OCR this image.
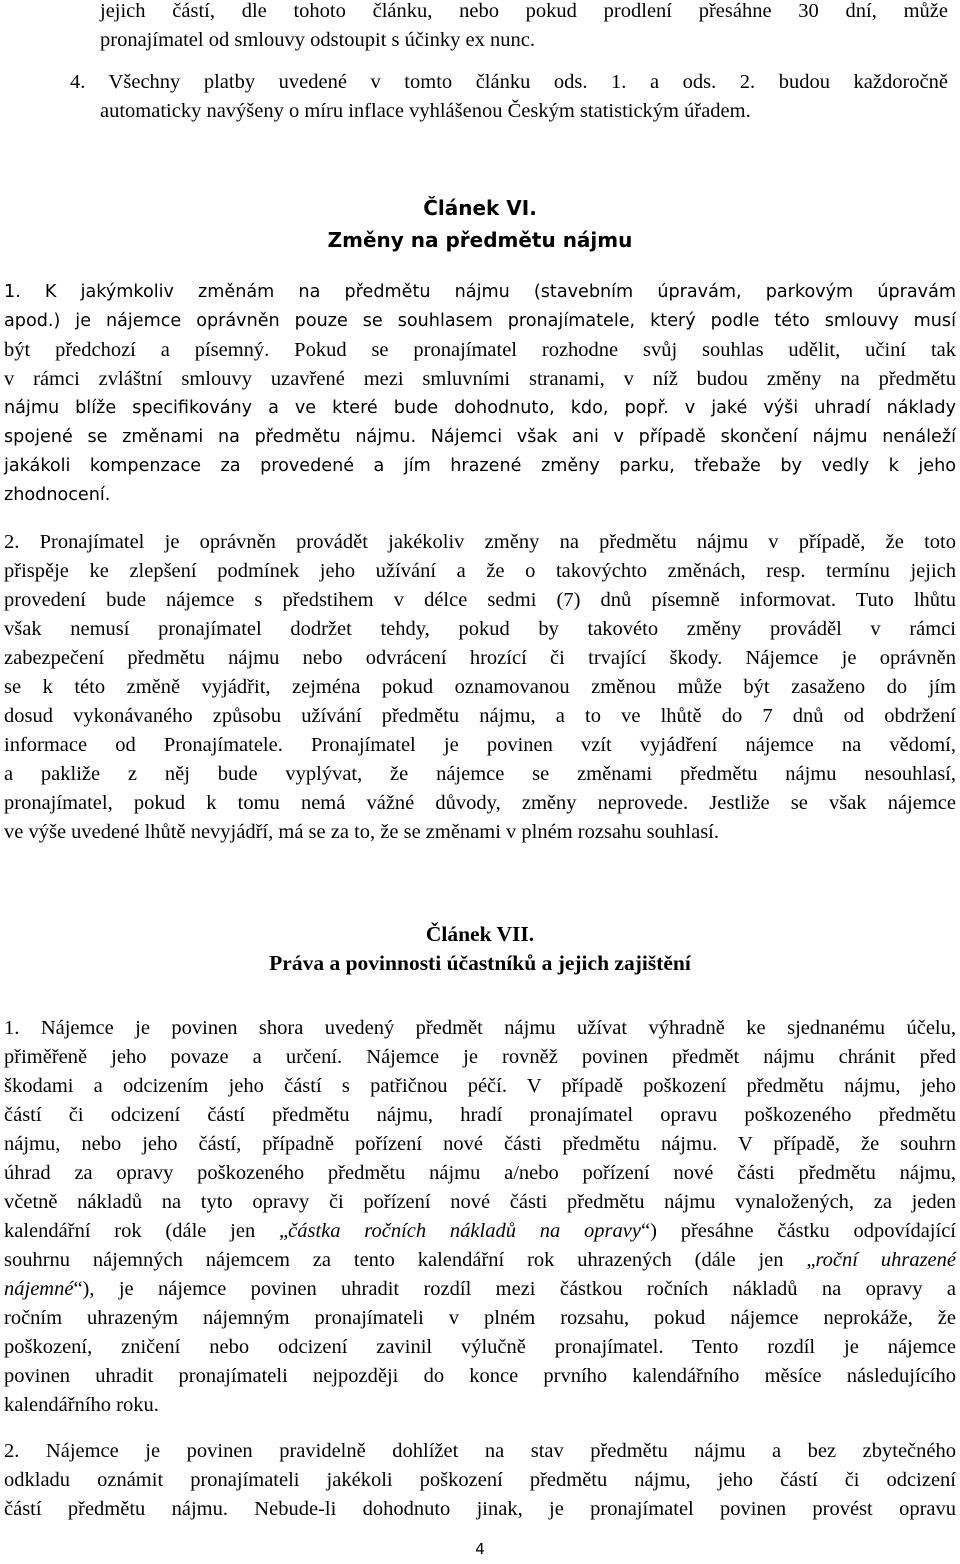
jejich částí, dle tohoto článku, nebo pokud prodlení přesáhne 30 dní, může
pronajímatel od smlouvy odstoupit s účinky ex nunc.
4. Všechny platby uvedené v tomto článku ods. 1. a ods. 2. budou každoročně
automaticky navýšeny o míru inflace vyhlášenou Českým statistickým úřadem.
Článek VI.
Změny na předmětu nájmu
1. K jakýmkoliv změnám na předmětu nájmu (stavebním úpravám, parkovým úpravám
apod.) je nájemce oprávněn pouze se souhlasem pronajímatele, který podle této smlouvy musí
být předchozí a písemný. Pokud se pronajímatel rozhodne svůj souhlas udělit, učiní tak
v rámci zvláštní smlouvy uzavřené mezi smluvními stranami, v níž budou změny na předmětu
nájmu blíže specifikovány a ve které bude dohodnuto, kdo, popř. v jaké výši uhradí náklady
spojené se změnami na předmětu nájmu. Nájemci však ani v případě skončení nájmu nenáleží
jakákoli kompenzace za provedené a jím hrazené změny parku, třebaže by vedly k jeho
zhodnocení.
2. Pronajímatel je oprávněn provádět jakékoliv změny na předmětu nájmu v případě, že toto
přispěje ke zlepšení podmínek jeho užívání a že o takovýchto změnách, resp. termínu jejich
provedení bude nájemce s předstihem v délce sedmi (7) dnů písemně informovat. Tuto lhůtu
však nemusí pronajímatel dodržet tehdy, pokud by takovéto změny prováděl v rámci
zabezpečení předmětu nájmu nebo odvrácení hrozící či trvající škody. Nájemce je oprávněn
se k této změně vyjádřit, zejména pokud oznamovanou změnou může být zasaženo do jím
dosud vykonávaného způsobu užívání předmětu nájmu, a to ve lhůtě do 7 dnů od obdržení
informace od Pronajímatele. Pronajímatel je povinen vzít vyjádření nájemce na vědomí,
a pakliže z něj bude vyplývat, že nájemce se změnami předmětu nájmu nesouhlasí,
pronajímatel, pokud k tomu nemá vážné důvody, změny neprovede. Jestliže se však nájemce
ve výše uvedené lhůtě nevyjádří, má se za to, že se změnami v plném rozsahu souhlasí.
Článek VII.
Práva a povinnosti účastníků a jejich zajištění
1. Nájemce je povinen shora uvedený předmět nájmu užívat výhradně ke sjednanému účelu,
přiměřeně jeho povaze a určení. Nájemce je rovněž povinen předmět nájmu chránit před
škodami a odcizením jeho částí s patřičnou péčí. V případě poškození předmětu nájmu, jeho
částí či odcizení částí předmětu nájmu, hradí pronajímatel opravu poškozeného předmětu
nájmu, nebo jeho částí, případně pořízení nové části předmětu nájmu. V případě, že souhrn
úhrad za opravy poškozeného předmětu nájmu a/nebo pořízení nové části předmětu nájmu,
včetně nákladů na tyto opravy či pořízení nové části předmětu nájmu vynaložených, za jeden
kalendářní rok (dále jen „částka ročních nákladů na opravy“) přesáhne částku odpovídající
souhrnu nájemných nájemcem za tento kalendářní rok uhrazených (dále jen „roční uhrazené
nájemné“), je nájemce povinen uhradit rozdíl mezi částkou ročních nákladů na opravy a
ročním uhrazeným nájemným pronajímateli v plném rozsahu, pokud nájemce neprokáže, že
poškození, zničení nebo odcizení zavinil výlučně pronajímatel. Tento rozdíl je nájemce
povinen uhradit pronajímateli nejpozději do konce prvního kalendářního měsíce následujícího
kalendářního roku.
2. Nájemce je povinen pravidelně dohlížet na stav předmětu nájmu a bez zbytečného
odkladu oznámit pronajímateli jakékoli poškození předmětu nájmu, jeho částí či odcizení
částí předmětu nájmu. Nebude-li dohodnuto jinak, je pronajímatel povinen provést opravu
4
